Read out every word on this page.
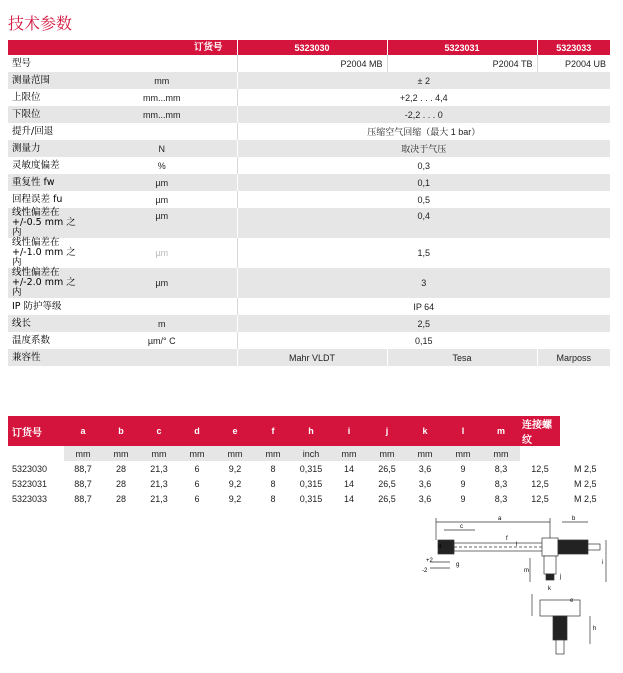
技术参数
订货号		5323030	5323031	5323033
型号		P2004 MB	P2004 TB	P2004 UB
测量范围	mm	± 2		
上限位	mm...mm	+2,2 . . . 4,4		
下限位	mm...mm	-2,2 . . . 0		
提升/回退		压缩空气回缩（最大 1 bar）		
测量力	N	取决于气压		
灵敏度偏差	%	0,3		
重复性 fw	µm	0,1		
回程误差 fu	µm	0,5		
线性偏差在 +/-0.5 mm 之内	µm	0,4		
线性偏差在 +/-1.0 mm 之内	µm	1,5		
线性偏差在 +/-2.0 mm 之内	µm	3		
IP 防护等级		IP 64		
线长	m	2,5		
温度系数	µm/° C	0,15		
兼容性		Mahr VLDT	Tesa	Marposs
订货号	a	b	c	d	e	f	h	i	j	k	l	m	连接螺纹	
	mm	mm	mm	mm	mm	mm	inch	mm	mm	mm	mm	mm		
5323030	88,7	28	21,3	6	9,2	8	0,315	14	26,5	3,6	9	8,3	12,5	M 2,5
5323031	88,7	28	21,3	6	9,2	8	0,315	14	26,5	3,6	9	8,3	12,5	M 2,5
5323033	88,7	28	21,3	6	9,2	8	0,315	14	26,5	3,6	9	8,3	12,5	M 2,5
a	b
c
d
e
f
g
h
i
j
k
l
m
+2
-2
